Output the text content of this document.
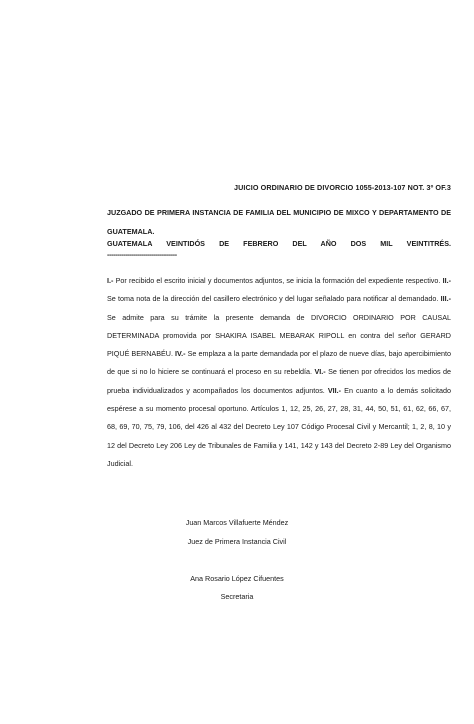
JUICIO ORDINARIO DE DIVORCIO 1055-2013-107 NOT. 3º OF.3
JUZGADO DE PRIMERA INSTANCIA DE FAMILIA DEL MUNICIPIO DE MIXCO Y DEPARTAMENTO DE GUATEMALA.
GUATEMALA VEINTIDÓS DE FEBRERO DEL AÑO DOS MIL VEINTITRÉS.
-----------------------------------
I.- Por recibido el escrito inicial y documentos adjuntos, se inicia la formación del expediente respectivo. II.- Se toma nota de la dirección del casillero electrónico y del lugar señalado para notificar al demandado. III.- Se admite para su trámite la presente demanda de DIVORCIO ORDINARIO POR CAUSAL DETERMINADA promovida por SHAKIRA ISABEL MEBARAK RIPOLL en contra del señor GERARD PIQUÉ BERNABÉU. IV.- Se emplaza a la parte demandada por el plazo de nueve días, bajo apercibimiento de que si no lo hiciere se continuará el proceso en su rebeldía. VI.- Se tienen por ofrecidos los medios de prueba individualizados y acompañados los documentos adjuntos. VII.- En cuanto a lo demás solicitado espérese a su momento procesal oportuno. Artículos 1, 12, 25, 26, 27, 28, 31, 44, 50, 51, 61, 62, 66, 67, 68, 69, 70, 75, 79, 106, del 426 al 432 del Decreto Ley 107 Código Procesal Civil y Mercantil; 1, 2, 8, 10 y 12 del Decreto Ley 206 Ley de Tribunales de Familia y 141, 142 y 143 del Decreto 2-89 Ley del Organismo Judicial.
Juan Marcos Villafuerte Méndez
Juez de Primera Instancia Civil
Ana Rosario López Cifuentes
Secretaria
